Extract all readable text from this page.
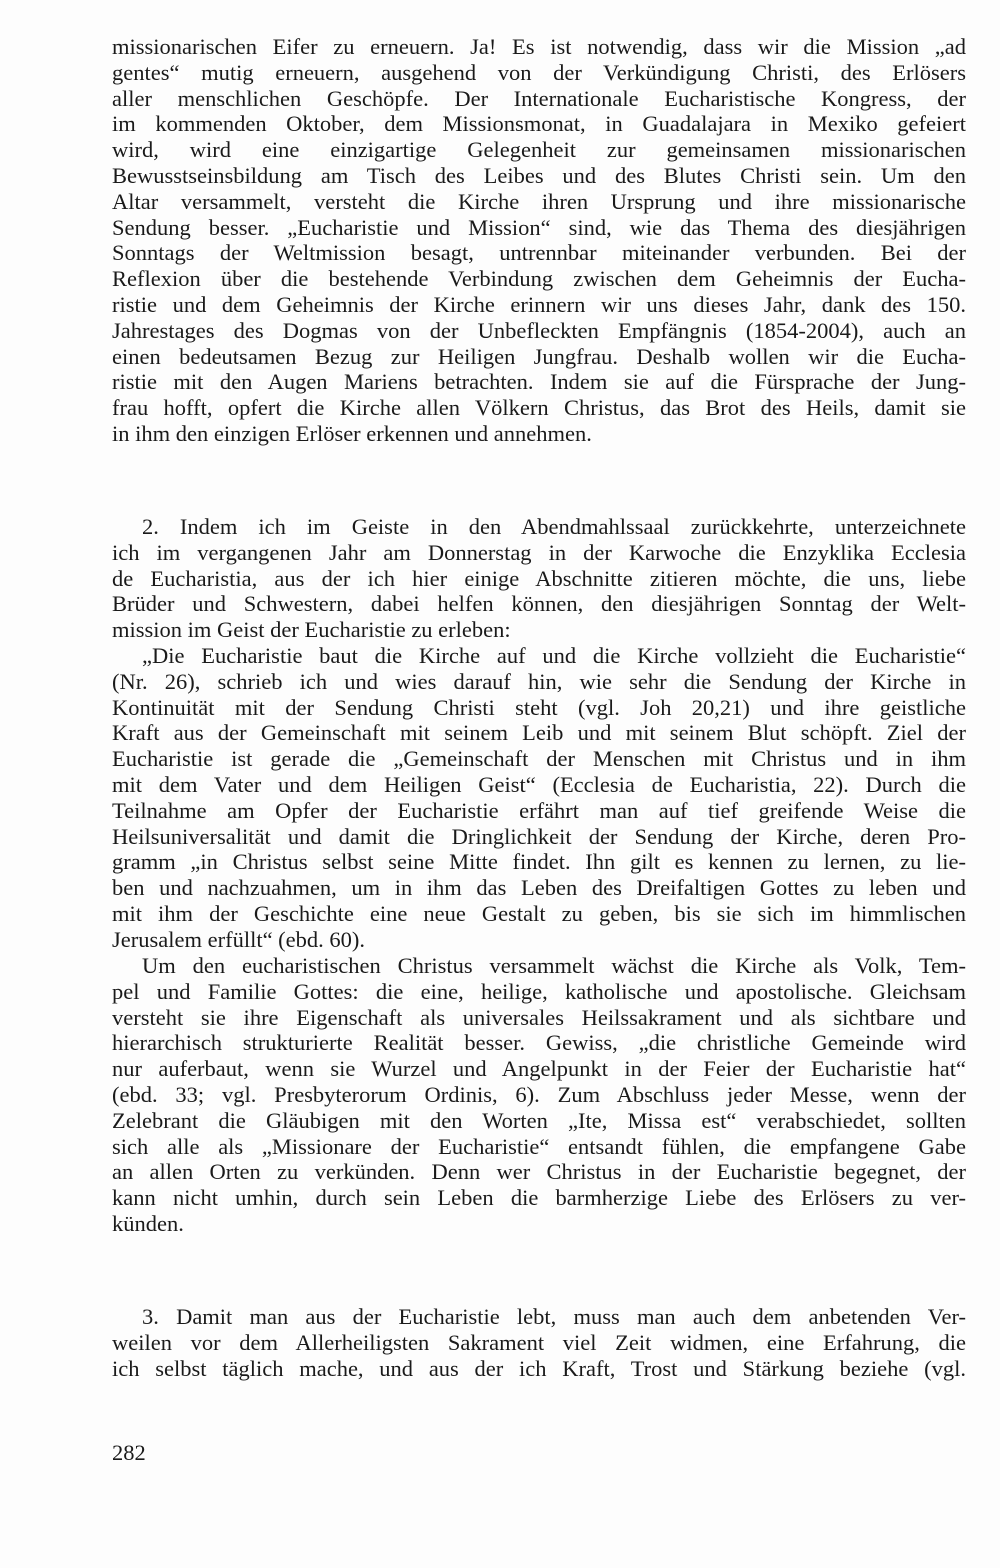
missionarischen Eifer zu erneuern. Ja! Es ist notwendig, dass wir die Mission „ad
gentes“ mutig erneuern, ausgehend von der Verkündigung Christi, des Erlösers
aller menschlichen Geschöpfe. Der Internationale Eucharistische Kongress, der
im kommenden Oktober, dem Missionsmonat, in Guadalajara in Mexiko gefeiert
wird, wird eine einzigartige Gelegenheit zur gemeinsamen missionarischen
Bewusstseinsbildung am Tisch des Leibes und des Blutes Christi sein. Um den
Altar versammelt, versteht die Kirche ihren Ursprung und ihre missionarische
Sendung besser. „Eucharistie und Mission“ sind, wie das Thema des diesjährigen
Sonntags der Weltmission besagt, untrennbar miteinander verbunden. Bei der
Reflexion über die bestehende Verbindung zwischen dem Geheimnis der Eucha-
ristie und dem Geheimnis der Kirche erinnern wir uns dieses Jahr, dank des 150.
Jahrestages des Dogmas von der Unbefleckten Empfängnis (1854-2004), auch an
einen bedeutsamen Bezug zur Heiligen Jungfrau. Deshalb wollen wir die Eucha-
ristie mit den Augen Mariens betrachten. Indem sie auf die Fürsprache der Jung-
frau hofft, opfert die Kirche allen Völkern Christus, das Brot des Heils, damit sie
in ihm den einzigen Erlöser erkennen und annehmen.
2. Indem ich im Geiste in den Abendmahlssaal zurückkehrte, unterzeichnete
ich im vergangenen Jahr am Donnerstag in der Karwoche die Enzyklika Ecclesia
de Eucharistia, aus der ich hier einige Abschnitte zitieren möchte, die uns, liebe
Brüder und Schwestern, dabei helfen können, den diesjährigen Sonntag der Welt-
mission im Geist der Eucharistie zu erleben:
„Die Eucharistie baut die Kirche auf und die Kirche vollzieht die Eucharistie“
(Nr. 26), schrieb ich und wies darauf hin, wie sehr die Sendung der Kirche in
Kontinuität mit der Sendung Christi steht (vgl. Joh 20,21) und ihre geistliche
Kraft aus der Gemeinschaft mit seinem Leib und mit seinem Blut schöpft. Ziel der
Eucharistie ist gerade die „Gemeinschaft der Menschen mit Christus und in ihm
mit dem Vater und dem Heiligen Geist“ (Ecclesia de Eucharistia, 22). Durch die
Teilnahme am Opfer der Eucharistie erfährt man auf tief greifende Weise die
Heilsuniversalität und damit die Dringlichkeit der Sendung der Kirche, deren Pro-
gramm „in Christus selbst seine Mitte findet. Ihn gilt es kennen zu lernen, zu lie-
ben und nachzuahmen, um in ihm das Leben des Dreifaltigen Gottes zu leben und
mit ihm der Geschichte eine neue Gestalt zu geben, bis sie sich im himmlischen
Jerusalem erfüllt“ (ebd. 60).
Um den eucharistischen Christus versammelt wächst die Kirche als Volk, Tem-
pel und Familie Gottes: die eine, heilige, katholische und apostolische. Gleichsam
versteht sie ihre Eigenschaft als universales Heilssakrament und als sichtbare und
hierarchisch strukturierte Realität besser. Gewiss, „die christliche Gemeinde wird
nur auferbaut, wenn sie Wurzel und Angelpunkt in der Feier der Eucharistie hat“
(ebd. 33; vgl. Presbyterorum Ordinis, 6). Zum Abschluss jeder Messe, wenn der
Zelebrant die Gläubigen mit den Worten „Ite, Missa est“ verabschiedet, sollten
sich alle als „Missionare der Eucharistie“ entsandt fühlen, die empfangene Gabe
an allen Orten zu verkünden. Denn wer Christus in der Eucharistie begegnet, der
kann nicht umhin, durch sein Leben die barmherzige Liebe des Erlösers zu ver-
künden.
3. Damit man aus der Eucharistie lebt, muss man auch dem anbetenden Ver-
weilen vor dem Allerheiligsten Sakrament viel Zeit widmen, eine Erfahrung, die
ich selbst täglich mache, und aus der ich Kraft, Trost und Stärkung beziehe (vgl.
282
